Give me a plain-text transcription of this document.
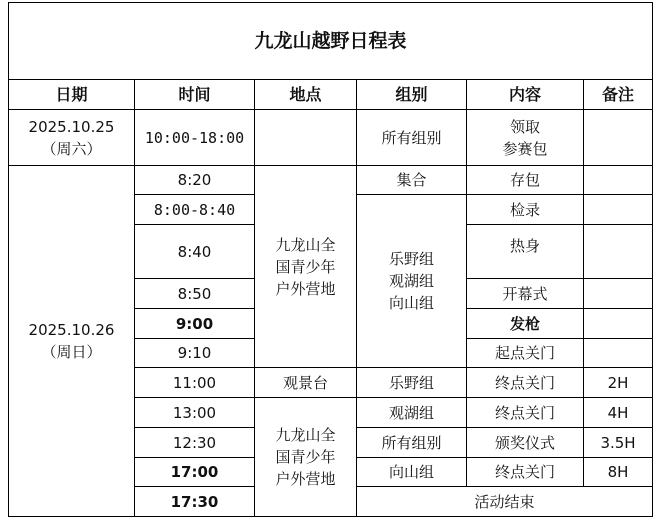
九龙山越野日程表					
日期	时间	地点	组别	内容	备注

2025.10.25
（周六）	10:00-18:00		所有组别	领取
参赛包	

2025.10.26
（周日）	8:20	九龙山全
国青少年
户外营地	集合	存包	
	8:00-8:40		乐野组
观湖组
向山组	检录	
	8:40			热身	
	8:50			开幕式	
	9:00			发枪	
	9:10			起点关门	
	11:00	观景台	乐野组	终点关门	2H
	13:00	九龙山全
国青少年
户外营地	观湖组	终点关门	4H
	12:30		所有组别	颁奖仪式	3.5H
	17:00		向山组	终点关门	8H
	17:30		活动结束		
